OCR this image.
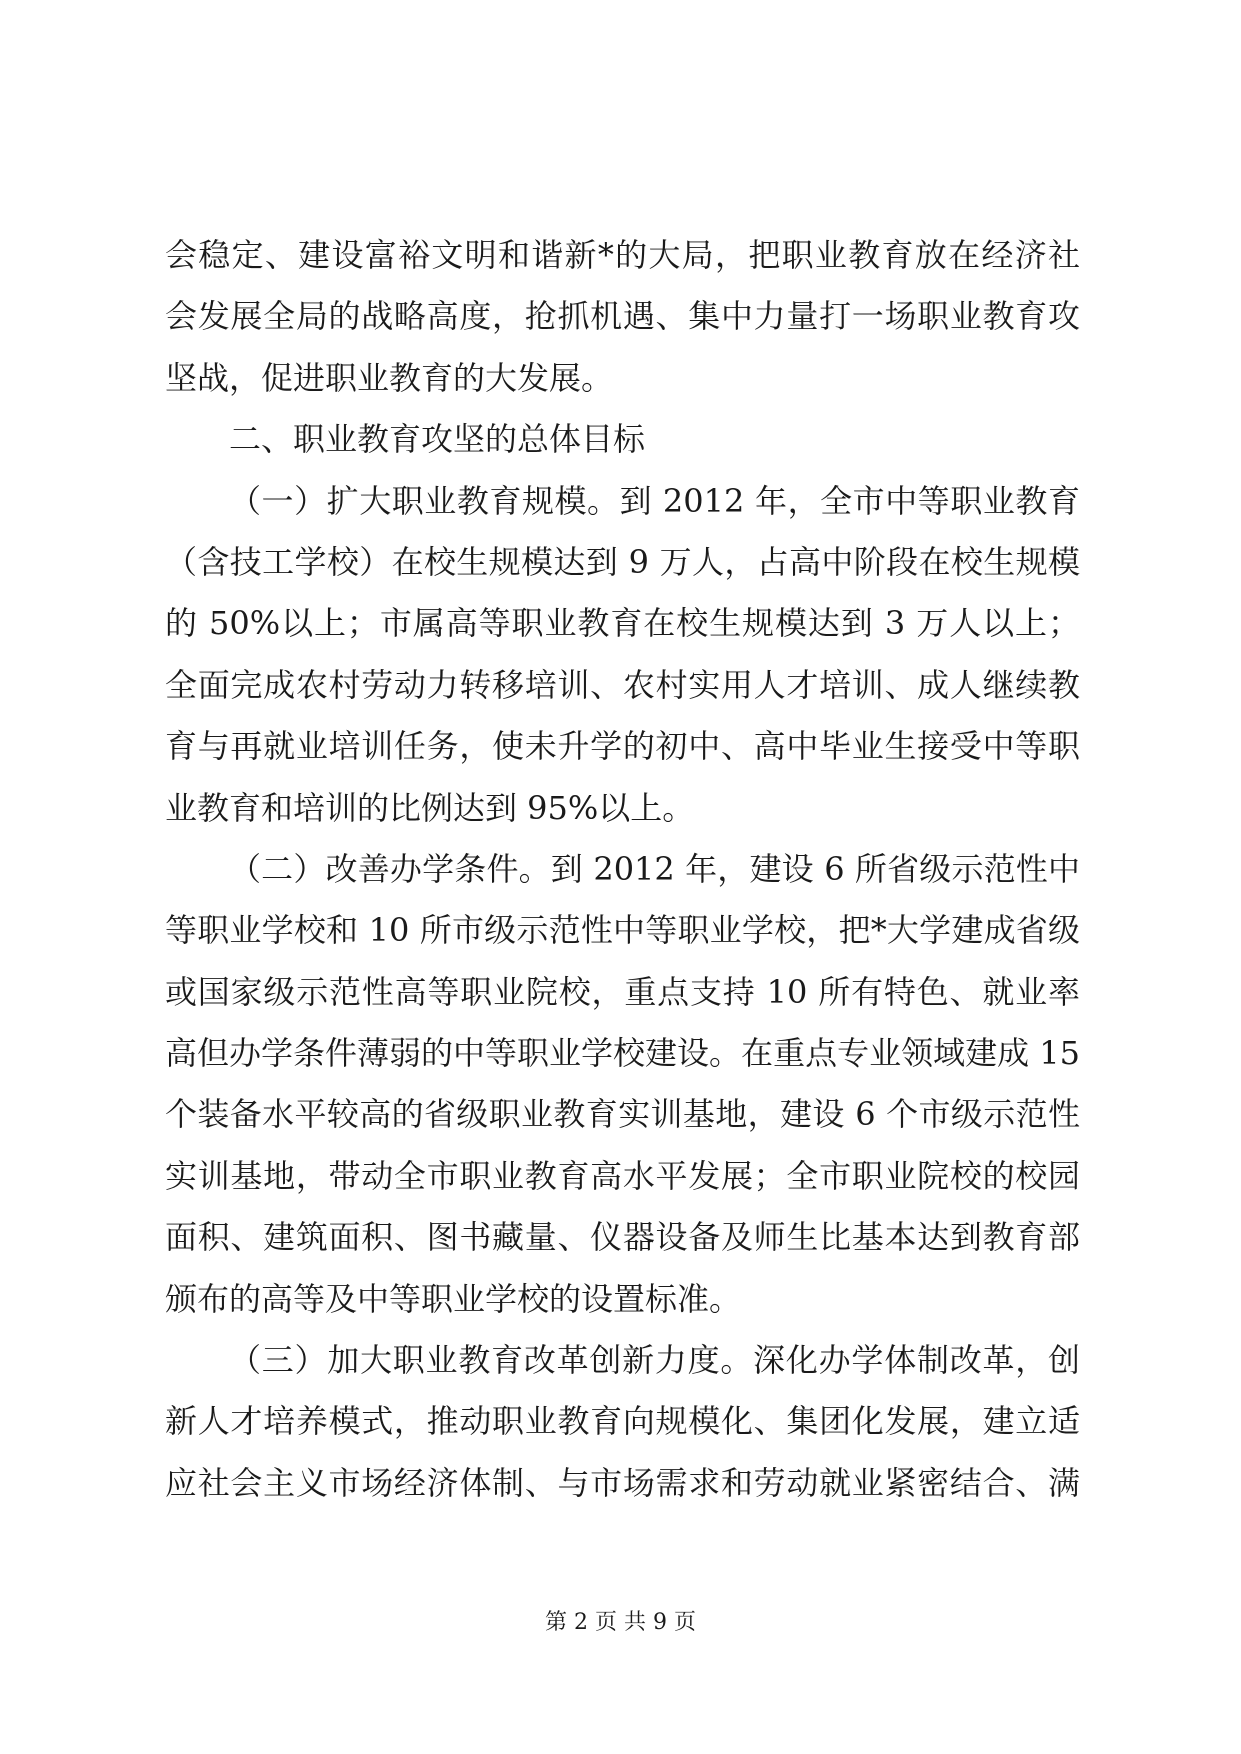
会稳定、建设富裕文明和谐新*的大局，把职业教育放在经济社
会发展全局的战略高度，抢抓机遇、集中力量打一场职业教育攻
坚战，促进职业教育的大发展。
二、职业教育攻坚的总体目标
（一）扩大职业教育规模。到 2012 年，全市中等职业教育
（含技工学校）在校生规模达到 9 万人，占高中阶段在校生规模
的 50%以上；市属高等职业教育在校生规模达到 3 万人以上；
全面完成农村劳动力转移培训、农村实用人才培训、成人继续教
育与再就业培训任务，使未升学的初中、高中毕业生接受中等职
业教育和培训的比例达到 95%以上。
（二）改善办学条件。到 2012 年，建设 6 所省级示范性中
等职业学校和 10 所市级示范性中等职业学校，把*大学建成省级
或国家级示范性高等职业院校，重点支持 10 所有特色、就业率
高但办学条件薄弱的中等职业学校建设。在重点专业领域建成 15
个装备水平较高的省级职业教育实训基地，建设 6 个市级示范性
实训基地，带动全市职业教育高水平发展；全市职业院校的校园
面积、建筑面积、图书藏量、仪器设备及师生比基本达到教育部
颁布的高等及中等职业学校的设置标准。
（三）加大职业教育改革创新力度。深化办学体制改革，创
新人才培养模式，推动职业教育向规模化、集团化发展，建立适
应社会主义市场经济体制、与市场需求和劳动就业紧密结合、满
第 2 页 共 9 页
